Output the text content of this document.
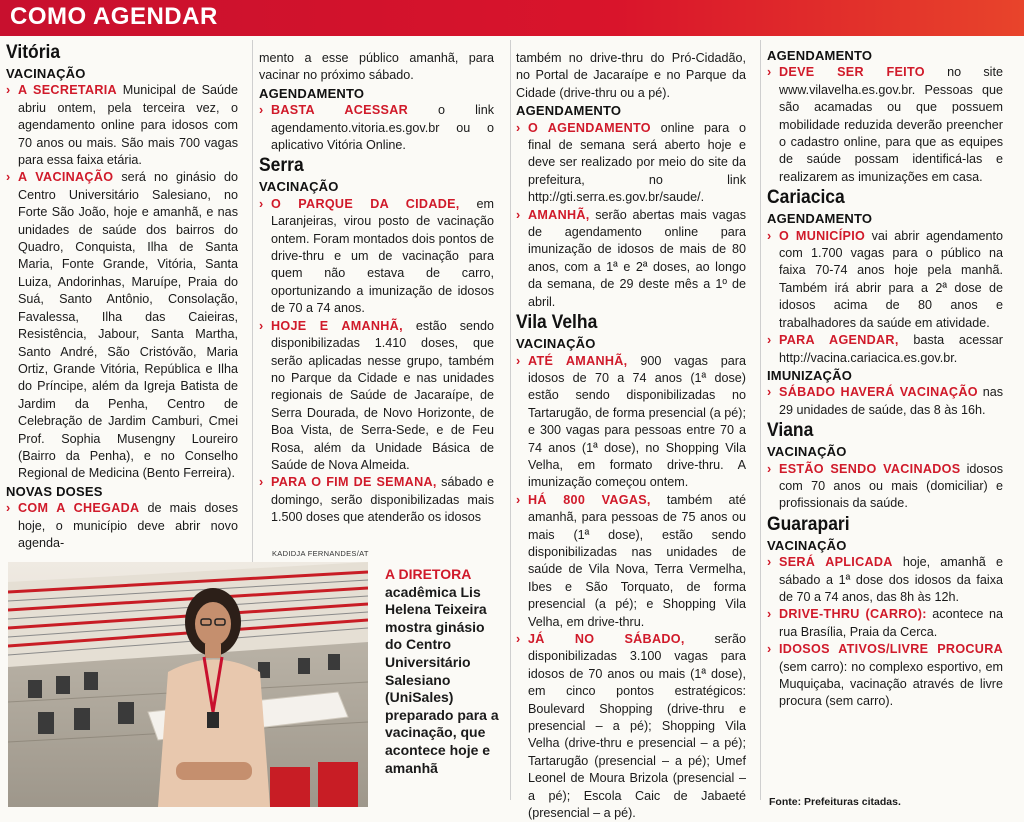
COMO AGENDAR

Vitória

VACINAÇÃO

› A SECRETARIA Municipal de Saúde abriu ontem, pela terceira vez, o agendamento online para idosos com 70 anos ou mais. São mais 700 vagas para essa faixa etária.

› A VACINAÇÃO será no ginásio do Centro Universitário Salesiano, no Forte São João, hoje e amanhã, e nas unidades de saúde dos bairros do Quadro, Conquista, Ilha de Santa Maria, Fonte Grande, Vitória, Santa Luiza, Andorinhas, Maruípe, Praia do Suá, Santo Antônio, Consolação, Favalessa, Ilha das Caieiras, Resistência, Jabour, Santa Martha, Santo André, São Cristóvão, Maria Ortiz, Grande Vitória, República e Ilha do Príncipe, além da Igreja Batista de Jardim da Penha, Centro de Celebração de Jardim Camburi, Cmei Prof. Sophia Musengny Loureiro (Bairro da Penha), e no Conselho Regional de Medicina (Bento Ferreira).

NOVAS DOSES

› COM A CHEGADA de mais doses hoje, o município deve abrir novo agenda-

mento a esse público amanhã, para vacinar no próximo sábado.

AGENDAMENTO

› BASTA ACESSAR o link agendamento.vitoria.es.gov.br ou o aplicativo Vitória Online.

Serra

VACINAÇÃO

› O PARQUE DA CIDADE, em Laranjeiras, virou posto de vacinação ontem. Foram montados dois pontos de drive-thru e um de vacinação para quem não estava de carro, oportunizando a imunização de idosos de 70 a 74 anos.

› HOJE E AMANHÃ, estão sendo disponibilizadas 1.410 doses, que serão aplicadas nesse grupo, também no Parque da Cidade e nas unidades regionais de Saúde de Jacaraípe, de Serra Dourada, de Novo Horizonte, de Boa Vista, de Serra-Sede, e de Feu Rosa, além da Unidade Básica de Saúde de Nova Almeida.

› PARA O FIM DE SEMANA, sábado e domingo, serão disponibilizadas mais 1.500 doses que atenderão os idosos

também no drive-thru do Pró-Cidadão, no Portal de Jacaraípe e no Parque da Cidade (drive-thru ou a pé).

AGENDAMENTO

› O AGENDAMENTO online para o final de semana será aberto hoje e deve ser realizado por meio do site da prefeitura, no link http://gti.serra.es.gov.br/saude/.

› AMANHÃ, serão abertas mais vagas de agendamento online para imunização de idosos de mais de 80 anos, com a 1ª e 2ª doses, ao longo da semana, de 29 deste mês a 1º de abril.

Vila Velha

VACINAÇÃO

› ATÉ AMANHÃ, 900 vagas para idosos de 70 a 74 anos (1ª dose) estão sendo disponibilizadas no Tartarugão, de forma presencial (a pé); e 300 vagas para pessoas entre 70 a 74 anos (1ª dose), no Shopping Vila Velha, em formato drive-thru. A imunização começou ontem.

› HÁ 800 VAGAS, também até amanhã, para pessoas de 75 anos ou mais (1ª dose), estão sendo disponibilizadas nas unidades de saúde de Vila Nova, Terra Vermelha, Ibes e São Torquato, de forma presencial (a pé); e Shopping Vila Velha, em drive-thru.

› JÁ NO SÁBADO, serão disponibilizadas 3.100 vagas para idosos de 70 anos ou mais (1ª dose), em cinco pontos estratégicos: Boulevard Shopping (drive-thru e presencial – a pé); Shopping Vila Velha (drive-thru e presencial – a pé); Tartarugão (presencial – a pé); Umef Leonel de Moura Brizola (presencial – a pé); Escola Caic de Jabaeté (presencial – a pé).

AGENDAMENTO

› DEVE SER FEITO no site www.vilavelha.es.gov.br. Pessoas que são acamadas ou que possuem mobilidade reduzida deverão preencher o cadastro online, para que as equipes de saúde possam identificá-las e realizarem as imunizações em casa.

Cariacica

AGENDAMENTO

› O MUNICÍPIO vai abrir agendamento com 1.700 vagas para o público na faixa 70-74 anos hoje pela manhã. Também irá abrir para a 2ª dose de idosos acima de 80 anos e trabalhadores da saúde em atividade.

› PARA AGENDAR, basta acessar http://vacina.cariacica.es.gov.br.

IMUNIZAÇÃO

› SÁBADO HAVERÁ VACINAÇÃO nas 29 unidades de saúde, das 8 às 16h.

Viana

VACINAÇÃO

› ESTÃO SENDO VACINADOS idosos com 70 anos ou mais (domiciliar) e profissionais da saúde.

Guarapari

VACINAÇÃO

› SERÁ APLICADA hoje, amanhã e sábado a 1ª dose dos idosos da faixa de 70 a 74 anos, das 8h às 12h.

› DRIVE-THRU (CARRO): acontece na rua Brasília, Praia da Cerca.

› IDOSOS ATIVOS/LIVRE PROCURA (sem carro): no complexo esportivo, em Muquiçaba, vacinação através de livre procura (sem carro).

Fonte: Prefeituras citadas.
KADIDJA FERNANDES/AT
A DIRETORA acadêmica Lis Helena Teixeira mostra ginásio do Centro Universitário Salesiano (UniSales) preparado para a vacinação, que acontece hoje e amanhã
